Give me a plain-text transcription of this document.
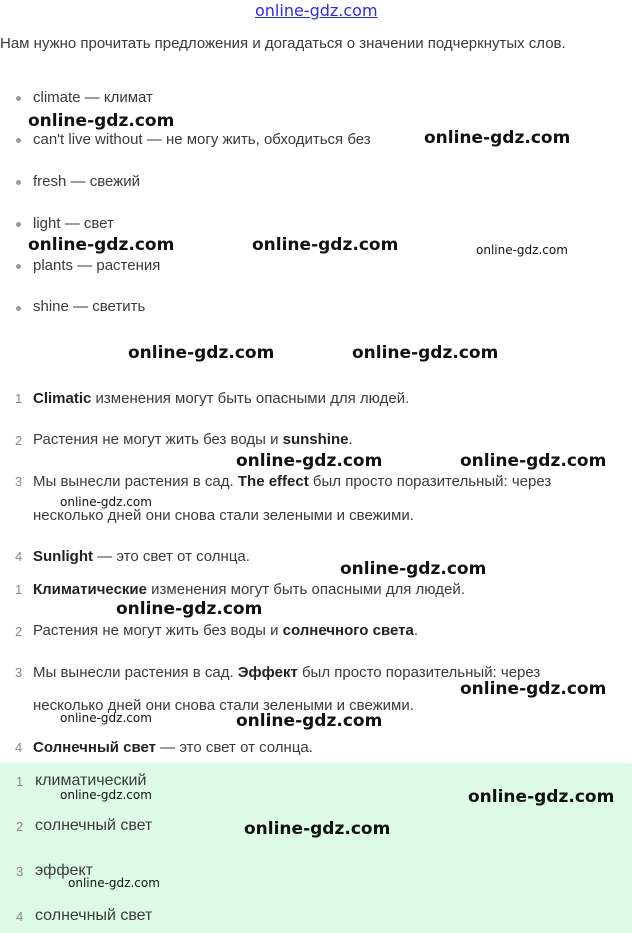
online-gdz.com
Нам нужно прочитать предложения и догадаться о значении подчеркнутых слов.
climate — климат
can't live without — не могу жить, обходиться без
fresh — свежий
light — свет
plants — растения
shine — светить
1 Climatic изменения могут быть опасными для людей.
2 Растения не могут жить без воды и sunshine.
3 Мы вынесли растения в сад. The effect был просто поразительный: через
несколько дней они снова стали зелеными и свежими.
4 Sunlight — это свет от солнца.
1 Климатические изменения могут быть опасными для людей.
2 Растения не могут жить без воды и солнечного света.
3 Мы вынесли растения в сад. Эффект был просто поразительный: через
несколько дней они снова стали зелеными и свежими.
4 Солнечный свет — это свет от солнца.
1 климатический
2 солнечный свет
3 эффект
4 солнечный свет
online-gdz.com
online-gdz.com
online-gdz.com	online-gdz.com	online-gdz.com
online-gdz.com	online-gdz.com
online-gdz.com	online-gdz.com
online-gdz.com
online-gdz.com
online-gdz.com
online-gdz.com
online-gdz.com	online-gdz.com
online-gdz.com	online-gdz.com
online-gdz.com
online-gdz.com
